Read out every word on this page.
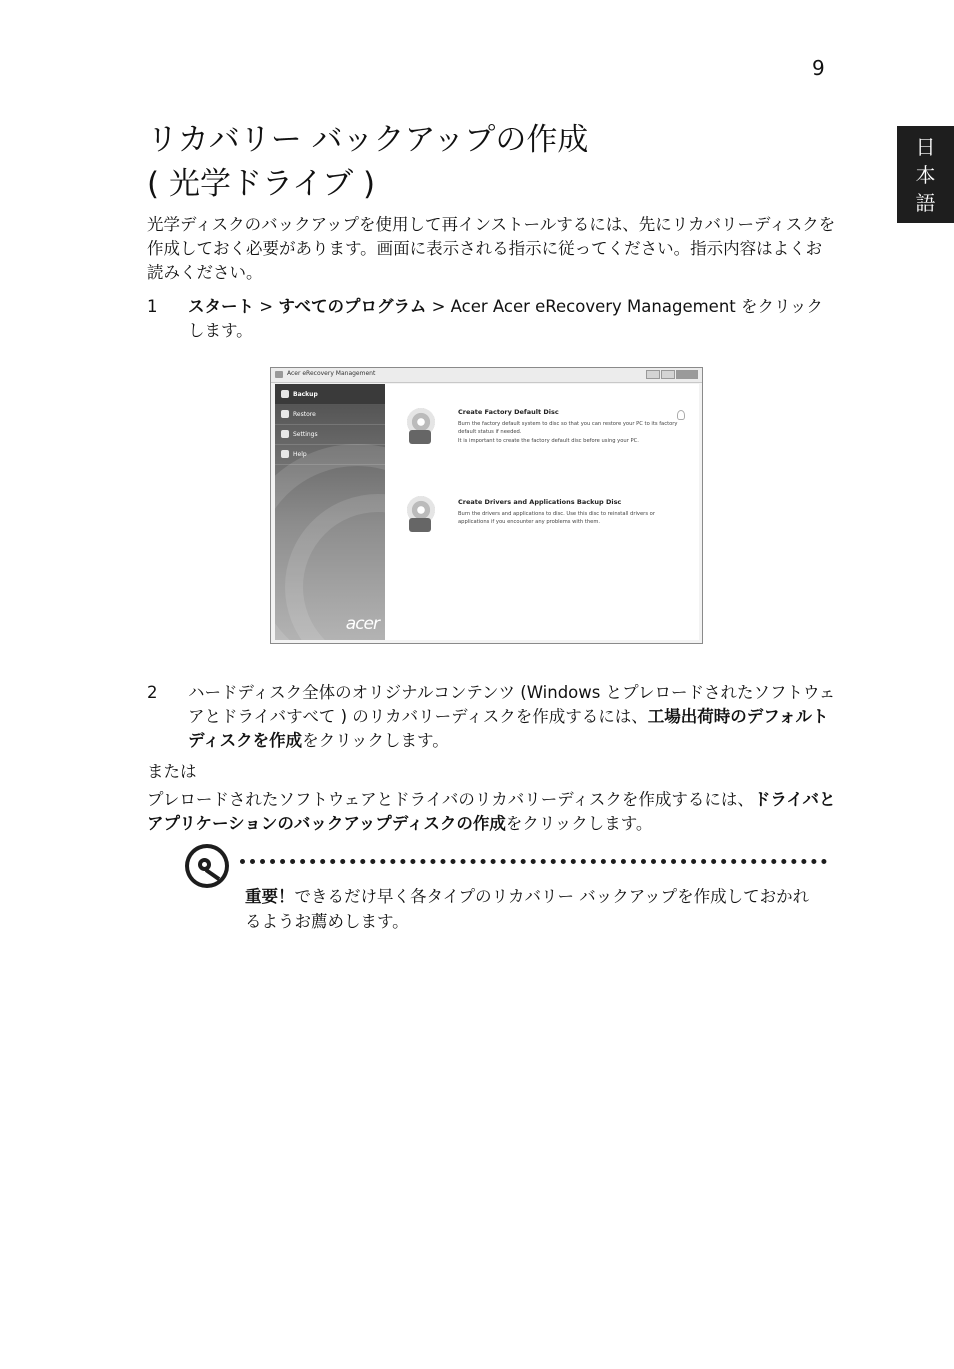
9
日
本
語
リカバリー バックアップの作成
( 光学ドライブ )
光学ディスクのバックアップを使用して再インストールするには、先にリカバリーディスクを作成しておく必要があります。画面に表示される指示に従ってください。指示内容はよくお読みください。
1 スタート > すべてのプログラム > Acer Acer eRecovery Management をクリックします。
Acer eRecovery Management
Backup
Restore
Settings
Help
acer
Create Factory Default Disc
Burn the factory default system to disc so that you can restore your PC to its factory default status if needed.
It is important to create the factory default disc before using your PC.
Create Drivers and Applications Backup Disc
Burn the drivers and applications to disc. Use this disc to reinstall drivers or applications if you encounter any problems with them.
2 ハードディスク全体のオリジナルコンテンツ (Windows とプレロードされたソフトウェアとドライバすべて ) のリカバリーディスクを作成するには、工場出荷時のデフォルトディスクを作成をクリックします。
または
プレロードされたソフトウェアとドライバのリカバリーディスクを作成するには、ドライバとアプリケーションのバックアップディスクの作成をクリックします。
重要！できるだけ早く各タイプのリカバリー バックアップを作成しておかれるようお薦めします。
